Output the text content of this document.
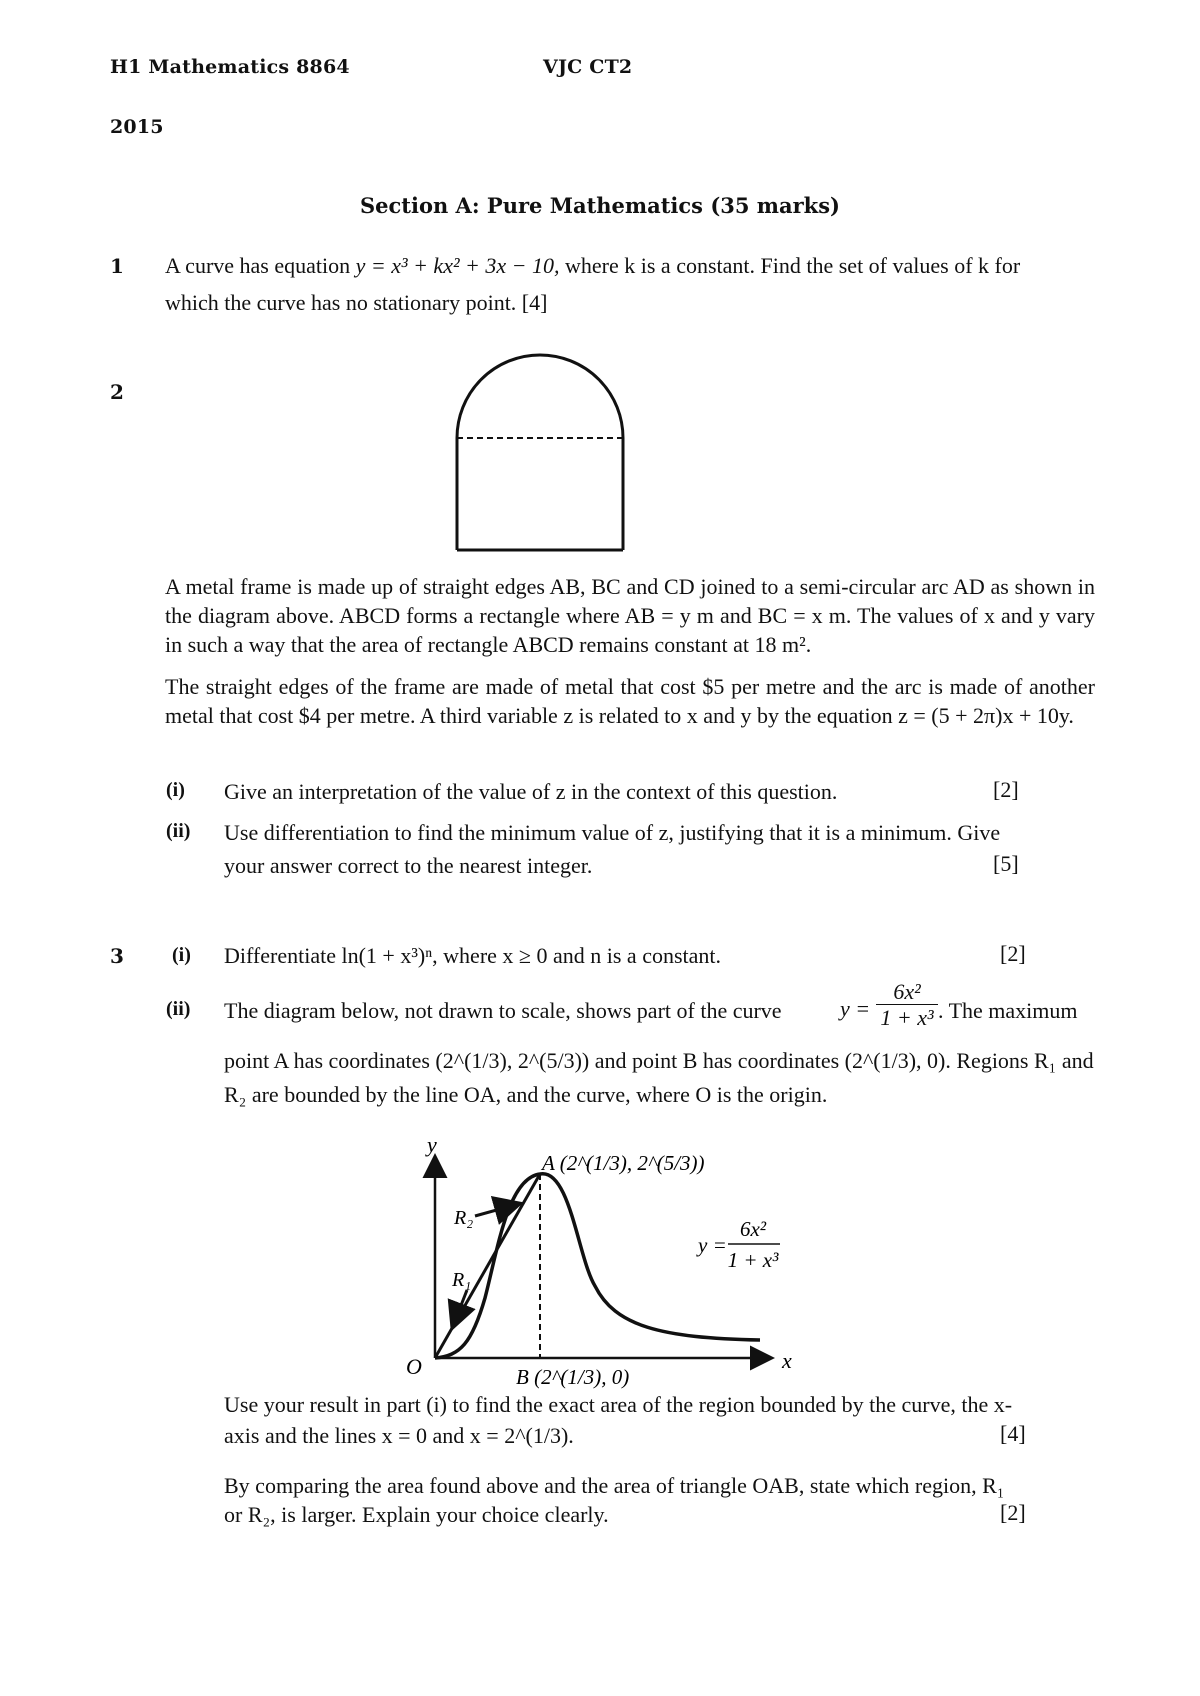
H1 Mathematics 8864	VJC CT2
2015
Section A: Pure Mathematics (35 marks)
1 A curve has equation y = x³ + kx² + 3x − 10, where k is a constant. Find the set of values of k for
which the curve has no stationary point. [4]
2
A metal frame is made up of straight edges AB, BC and CD joined to a semi-circular arc AD as shown in the diagram above. ABCD forms a rectangle where AB = y m and BC = x m. The values of x and y vary in such a way that the area of rectangle ABCD remains constant at 18 m².
The straight edges of the frame are made of metal that cost $5 per metre and the arc is made of another metal that cost $4 per metre. A third variable z is related to x and y by the equation z = (5 + 2π)x + 10y.
(i) Give an interpretation of the value of z in the context of this question.	[2]
(ii) Use differentiation to find the minimum value of z, justifying that it is a minimum. Give
your answer correct to the nearest integer.	[5]
3 (i) Differentiate ln(1 + x³)ⁿ, where x ≥ 0 and n is a constant.	[2]
(ii) The diagram below, not drawn to scale, shows part of the curve	$y = \frac{\text{6x²}}{\text{1 + x³}}$ . The maximum
point A has coordinates (2^(1/3), 2^(5/3)) and point B has coordinates (2^(1/3), 0). Regions R₁ and
R₂ are bounded by the line OA, and the curve, where O is the origin.
y
x
O
A (2^(1/3), 2^(5/3))
B (2^(1/3), 0)
R₂
R₁
y =
6x²
1 + x³
Use your result in part (i) to find the exact area of the region bounded by the curve, the x-
axis and the lines x = 0 and x = 2^(1/3).	[4]
By comparing the area found above and the area of triangle OAB, state which region, R₁
or R₂, is larger. Explain your choice clearly.	[2]
